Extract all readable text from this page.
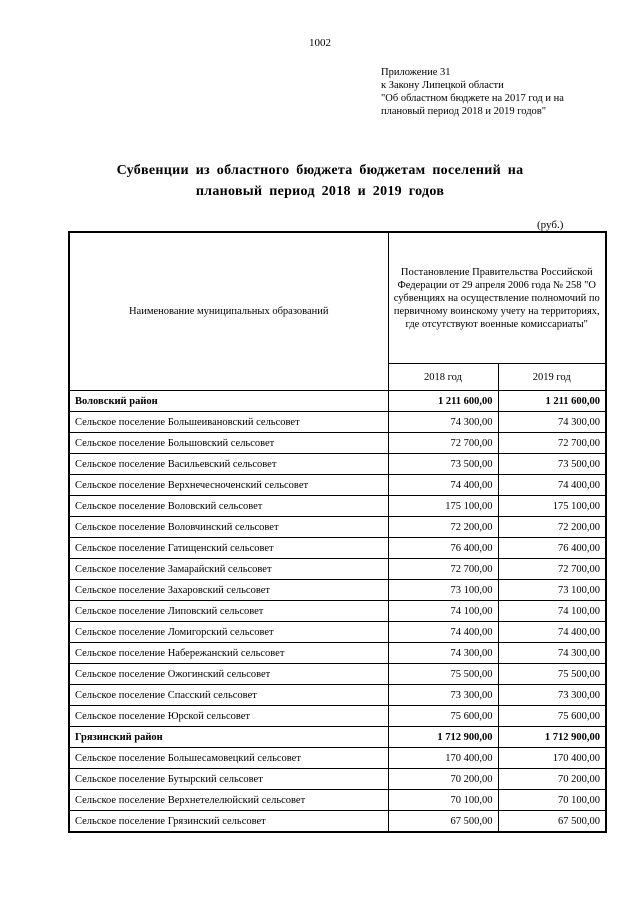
1002
Приложение 31
к Закону Липецкой области
"Об областном бюджете на 2017 год и на
плановый период 2018 и 2019 годов"
Субвенции из областного бюджета бюджетам поселений на
плановый период 2018 и 2019 годов
(руб.)
Наименование муниципальных образований	Постановление Правительства Российской Федерации от 29 апреля 2006 года № 258 "О субвенциях на осуществление полномочий по первичному воинскому учету на территориях, где отсутствуют военные комиссариаты"	
	2018 год	2019 год
Воловский район	1 211 600,00	1 211 600,00
Сельское поселение Большеивановский сельсовет	74 300,00	74 300,00
Сельское поселение Большовский сельсовет	72 700,00	72 700,00
Сельское поселение Васильевский сельсовет	73 500,00	73 500,00
Сельское поселение Верхнечесноченский сельсовет	74 400,00	74 400,00
Сельское поселение Воловский сельсовет	175 100,00	175 100,00
Сельское поселение Воловчинский сельсовет	72 200,00	72 200,00
Сельское поселение Гатищенский сельсовет	76 400,00	76 400,00
Сельское поселение Замарайский сельсовет	72 700,00	72 700,00
Сельское поселение Захаровский сельсовет	73 100,00	73 100,00
Сельское поселение Липовский сельсовет	74 100,00	74 100,00
Сельское поселение Ломигорский сельсовет	74 400,00	74 400,00
Сельское поселение Набережанский сельсовет	74 300,00	74 300,00
Сельское поселение Ожогинский сельсовет	75 500,00	75 500,00
Сельское поселение Спасский сельсовет	73 300,00	73 300,00
Сельское поселение Юрской сельсовет	75 600,00	75 600,00
Грязинский район	1 712 900,00	1 712 900,00
Сельское поселение Большесамовецкий сельсовет	170 400,00	170 400,00
Сельское поселение Бутырский сельсовет	70 200,00	70 200,00
Сельское поселение Верхнетелелюйский сельсовет	70 100,00	70 100,00
Сельское поселение Грязинский сельсовет	67 500,00	67 500,00
